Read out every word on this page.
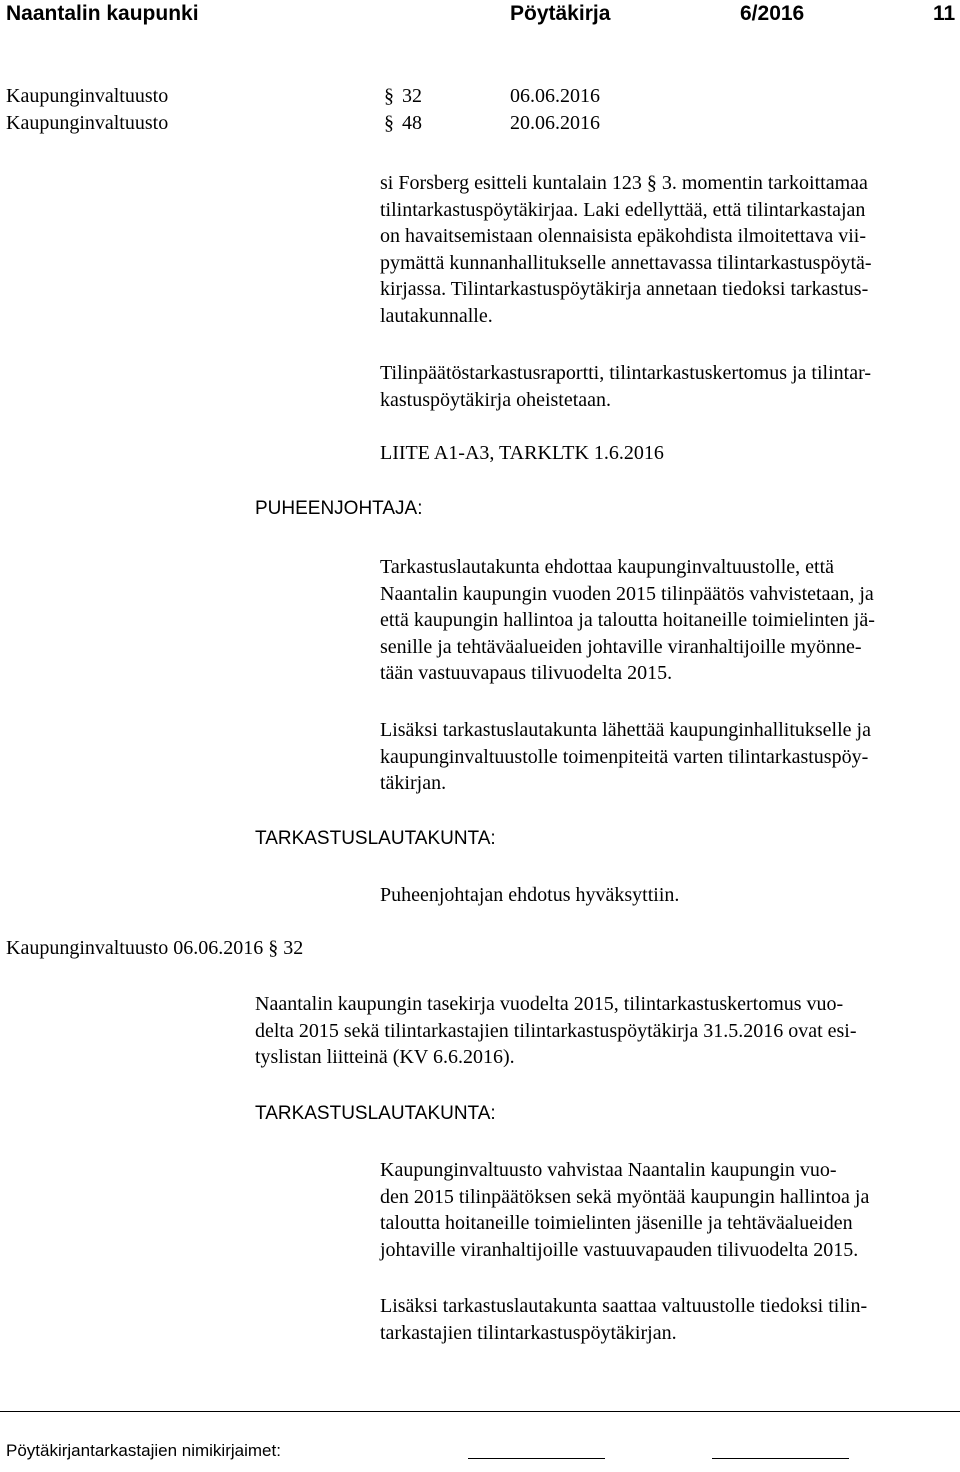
Naantalin kaupunki	Pöytäkirja	6/2016	11
Kaupunginvaltuusto	§ 32	06.06.2016
Kaupunginvaltuusto	§ 48	20.06.2016
si Forsberg esitteli kuntalain 123 § 3. momentin tarkoittamaa
tilintarkastuspöytäkirjaa. Laki edellyttää, että tilintarkastajan
on havaitsemistaan olennaisista epäkohdista ilmoitettava vii-
pymättä kunnanhallitukselle annettavassa tilintarkastuspöytä-
kirjassa. Tilintarkastuspöytäkirja annetaan tiedoksi tarkastus-
lautakunnalle.
Tilinpäätöstarkastusraportti, tilintarkastuskertomus ja tilintar-
kastuspöytäkirja oheistetaan.
LIITE A1-A3, TARKLTK 1.6.2016
PUHEENJOHTAJA:
Tarkastuslautakunta ehdottaa kaupunginvaltuustolle, että
Naantalin kaupungin vuoden 2015 tilinpäätös vahvistetaan, ja
että kaupungin hallintoa ja taloutta hoitaneille toimielinten jä-
senille ja tehtäväalueiden johtaville viranhaltijoille myönne-
tään vastuuvapaus tilivuodelta 2015.
Lisäksi tarkastuslautakunta lähettää kaupunginhallitukselle ja
kaupunginvaltuustolle toimenpiteitä varten tilintarkastuspöy-
täkirjan.
TARKASTUSLAUTAKUNTA:
Puheenjohtajan ehdotus hyväksyttiin.
Kaupunginvaltuusto 06.06.2016 § 32
Naantalin kaupungin tasekirja vuodelta 2015, tilintarkastuskertomus vuo-
delta 2015 sekä tilintarkastajien tilintarkastuspöytäkirja 31.5.2016 ovat esi-
tyslistan liitteinä (KV 6.6.2016).
TARKASTUSLAUTAKUNTA:
Kaupunginvaltuusto vahvistaa Naantalin kaupungin vuo-
den 2015 tilinpäätöksen sekä myöntää kaupungin hallintoa ja
taloutta hoitaneille toimielinten jäsenille ja tehtäväalueiden
johtaville viranhaltijoille vastuuvapauden tilivuodelta 2015.
Lisäksi tarkastuslautakunta saattaa valtuustolle tiedoksi tilin-
tarkastajien tilintarkastuspöytäkirjan.
Pöytäkirjantarkastajien nimikirjaimet:
